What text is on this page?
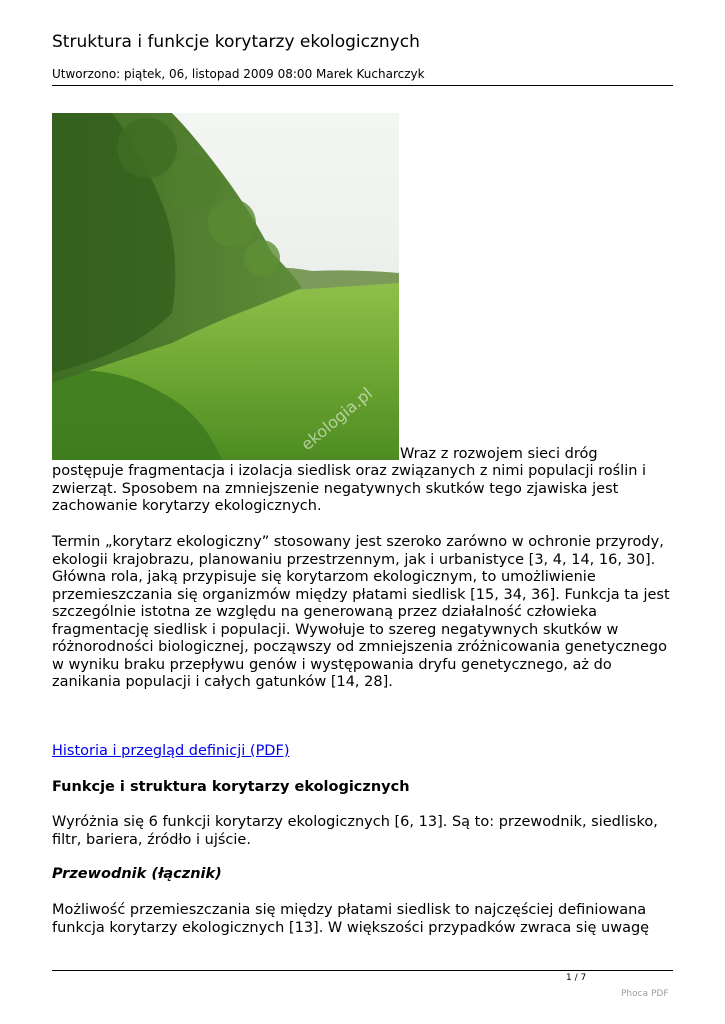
Struktura i funkcje korytarzy ekologicznych
Utworzono: piątek, 06, listopad 2009 08:00 Marek Kucharczyk
ekologia.pl Wraz z rozwojem sieci dróg
postępuje fragmentacja i izolacja siedlisk oraz związanych z nimi populacji roślin i zwierząt. Sposobem na zmniejszenie negatywnych skutków tego zjawiska jest zachowanie korytarzy ekologicznych.
Termin „korytarz ekologiczny” stosowany jest szeroko zarówno w ochronie przyrody, ekologii krajobrazu, planowaniu przestrzennym, jak i urbanistyce [3, 4, 14, 16, 30]. Główna rola, jaką przypisuje się korytarzom ekologicznym, to umożliwienie przemieszczania się organizmów między płatami siedlisk [15, 34, 36]. Funkcja ta jest szczególnie istotna ze względu na generowaną przez działalność człowieka fragmentację siedlisk i populacji. Wywołuje to szereg negatywnych skutków w różnorodności biologicznej, począwszy od zmniejszenia zróżnicowania genetycznego w wyniku braku przepływu genów i występowania dryfu genetycznego, aż do zanikania populacji i całych gatunków [14, 28].
Historia i przegląd definicji (PDF)
Funkcje i struktura korytarzy ekologicznych
Wyróżnia się 6 funkcji korytarzy ekologicznych [6, 13]. Są to: przewodnik, siedlisko, filtr, bariera, źródło i ujście.
Przewodnik (łącznik)
Możliwość przemieszczania się między płatami siedlisk to najczęściej definiowana funkcja korytarzy ekologicznych [13]. W większości przypadków zwraca się uwagę
1 / 7
Phoca PDF
